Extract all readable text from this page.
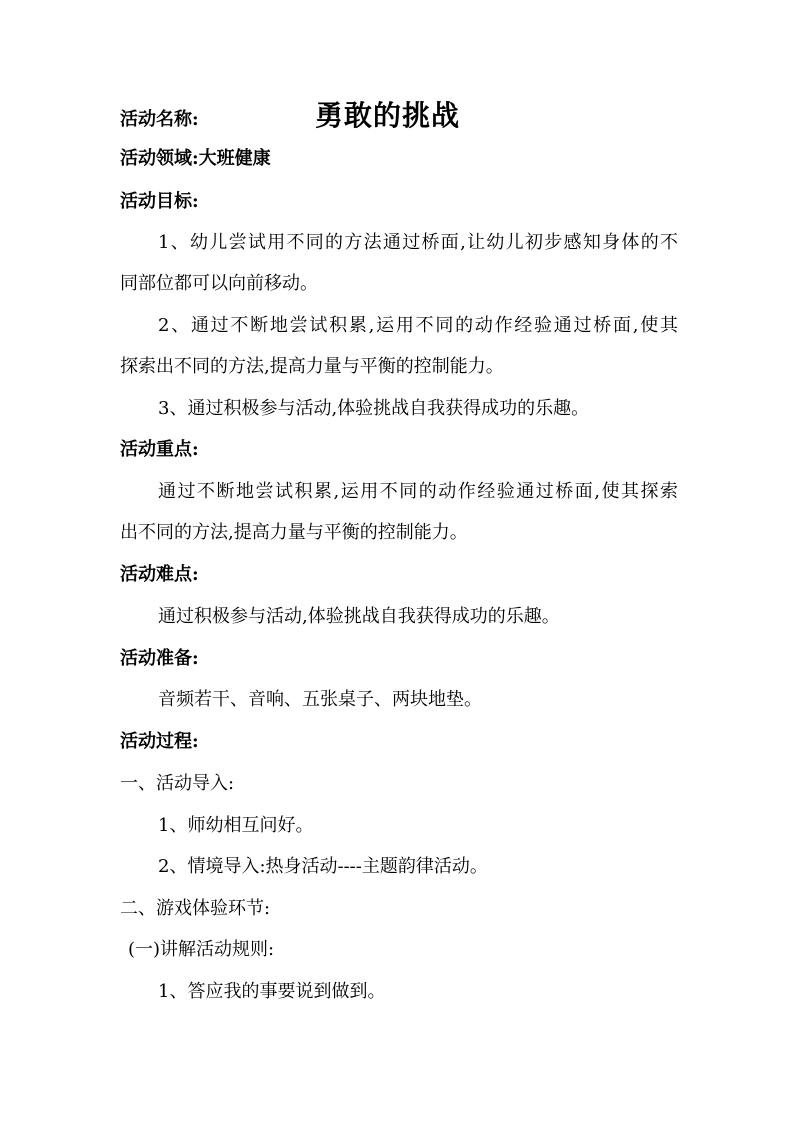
活动名称:	勇敢的挑战
活动领域:大班健康
活动目标:
1、幼儿尝试用不同的方法通过桥面,让幼儿初步感知身体的不
同部位都可以向前移动。
2、通过不断地尝试积累,运用不同的动作经验通过桥面,使其
探索出不同的方法,提高力量与平衡的控制能力。
3、通过积极参与活动,体验挑战自我获得成功的乐趣。
活动重点:
通过不断地尝试积累,运用不同的动作经验通过桥面,使其探索
出不同的方法,提高力量与平衡的控制能力。
活动难点:
通过积极参与活动,体验挑战自我获得成功的乐趣。
活动准备:
音频若干、音响、五张桌子、两块地垫。
活动过程:
一、活动导入:
1、师幼相互问好。
2、情境导入:热身活动----主题韵律活动。
二、游戏体验环节:
(一)讲解活动规则:
1、答应我的事要说到做到。
